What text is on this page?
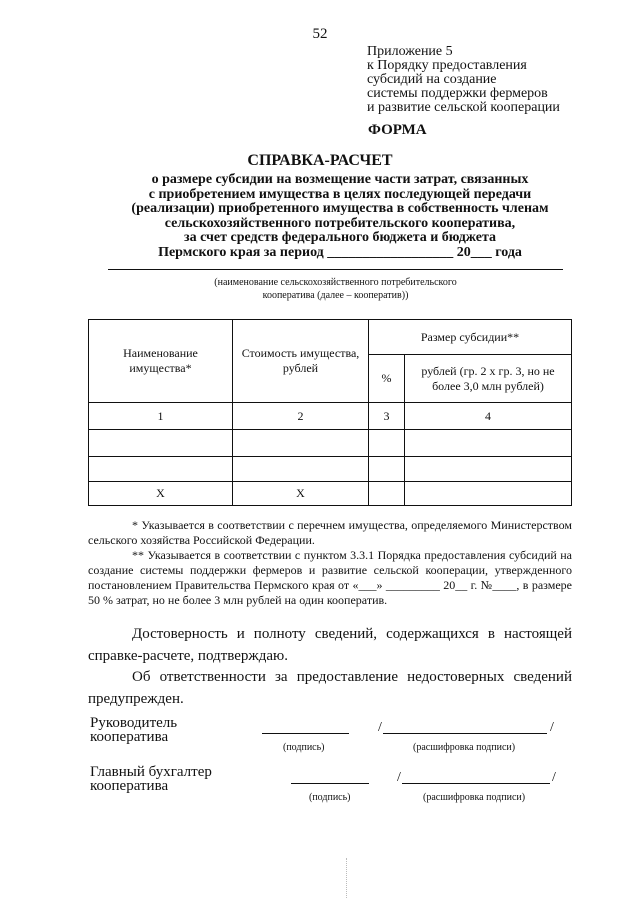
52
Приложение 5
к Порядку предоставления
субсидий на создание
системы поддержки фермеров
и развитие сельской кооперации
ФОРМА
СПРАВКА-РАСЧЕТ
о размере субсидии на возмещение части затрат, связанных
с приобретением имущества в целях последующей передачи
(реализации) приобретенного имущества в собственность членам
сельскохозяйственного потребительского кооператива,
за счет средств федерального бюджета и бюджета
Пермского края за период __________________ 20___ года
(наименование сельскохозяйственного потребительского
кооператива (далее – кооператив))
Наименование имущества*	Стоимость имущества, рублей	Размер субсидии**	
		%	рублей (гр. 2 х гр. 3, но не более 3,0 млн рублей)
1	2	3	4

Х	Х		

* Указывается в соответствии с перечнем имущества, определяемого Министерством сельского хозяйства Российской Федерации.

** Указывается в соответствии с пунктом 3.3.1 Порядка предоставления субсидий на создание системы поддержки фермеров и развитие сельской кооперации, утвержденного постановлением Правительства Пермского края от «___» _________ 20__ г. №____, в размере 50 % затрат, но не более 3 млн рублей на один кооператив.

Достоверность и полноту сведений, содержащихся в настоящей справке-расчете, подтверждаю.

Об ответственности за предоставление недостоверных сведений предупрежден.

Руководитель
кооператива
/	/
(подпись)	(расшифровка подписи)
Главный бухгалтер
кооператива
/	/
(подпись)	(расшифровка подписи)
